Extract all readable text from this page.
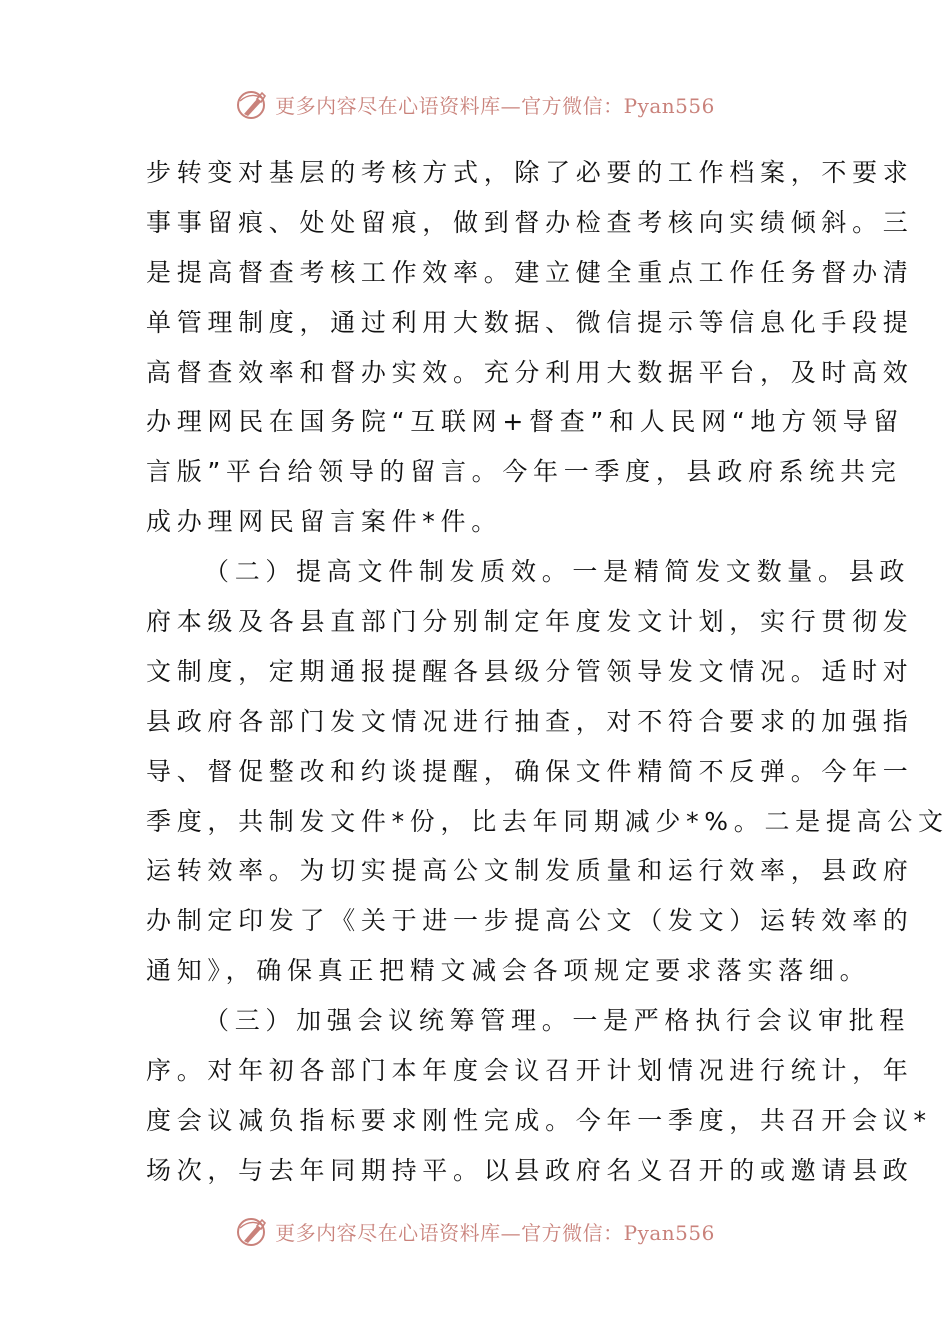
更多内容尽在心语资料库—官方微信：Pyan556
步转变对基层的考核方式，除了必要的工作档案，不要求
事事留痕、处处留痕，做到督办检查考核向实绩倾斜。三
是提高督查考核工作效率。建立健全重点工作任务督办清
单管理制度，通过利用大数据、微信提示等信息化手段提
高督查效率和督办实效。充分利用大数据平台，及时高效
办理网民在国务院“互联网+督查”和人民网“地方领导留
言版”平台给领导的留言。今年一季度，县政府系统共完
成办理网民留言案件*件。
（二）提高文件制发质效。一是精简发文数量。县政
府本级及各县直部门分别制定年度发文计划，实行贯彻发
文制度，定期通报提醒各县级分管领导发文情况。适时对
县政府各部门发文情况进行抽查，对不符合要求的加强指
导、督促整改和约谈提醒，确保文件精简不反弹。今年一
季度，共制发文件*份，比去年同期减少*%。二是提高公文
运转效率。为切实提高公文制发质量和运行效率，县政府
办制定印发了《关于进一步提高公文（发文）运转效率的
通知》，确保真正把精文减会各项规定要求落实落细。
（三）加强会议统筹管理。一是严格执行会议审批程
序。对年初各部门本年度会议召开计划情况进行统计，年
度会议减负指标要求刚性完成。今年一季度，共召开会议*
场次，与去年同期持平。以县政府名义召开的或邀请县政
更多内容尽在心语资料库—官方微信：Pyan556
